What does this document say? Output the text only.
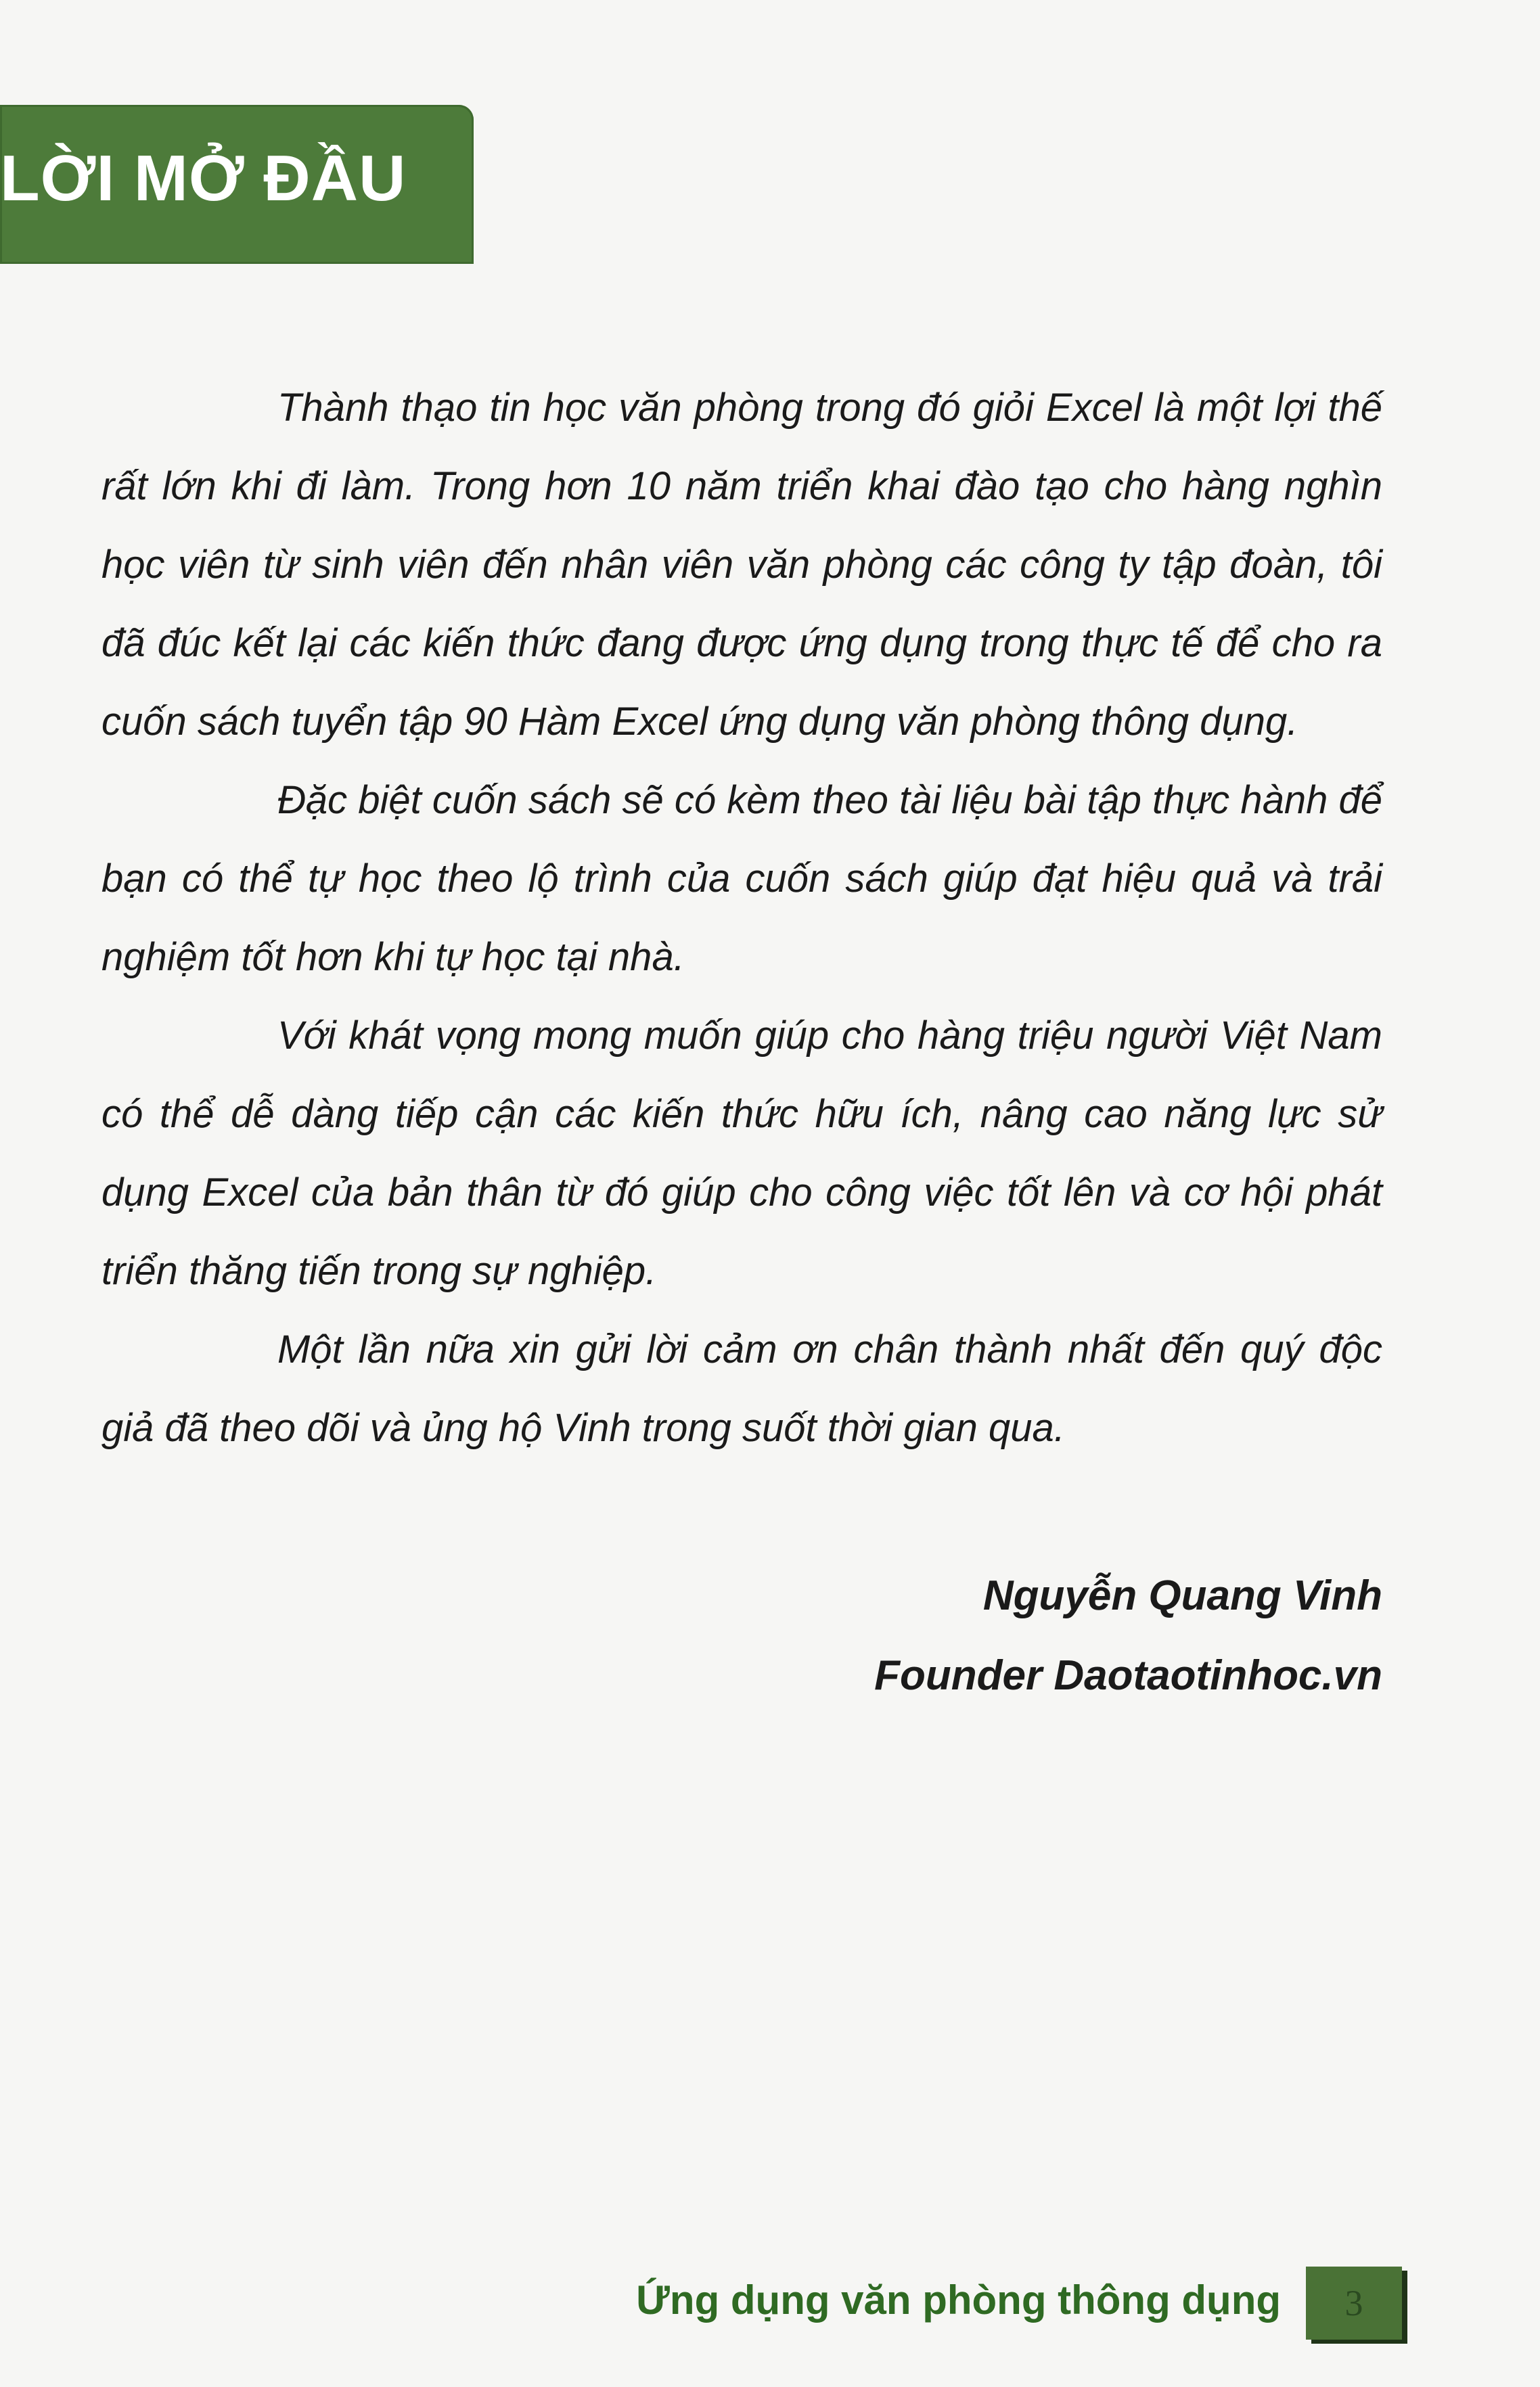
LỜI MỞ ĐẦU

Thành thạo tin học văn phòng trong đó giỏi Excel là một lợi thế rất lớn khi đi làm. Trong hơn 10 năm triển khai đào tạo cho hàng nghìn học viên từ sinh viên đến nhân viên văn phòng các công ty tập đoàn, tôi đã đúc kết lại các kiến thức đang được ứng dụng trong thực tế để cho ra cuốn sách tuyển tập 90 Hàm Excel ứng dụng văn phòng thông dụng.

Đặc biệt cuốn sách sẽ có kèm theo tài liệu bài tập thực hành để bạn có thể tự học theo lộ trình của cuốn sách giúp đạt hiệu quả và trải nghiệm tốt hơn khi tự học tại nhà.

Với khát vọng mong muốn giúp cho hàng triệu người Việt Nam có thể dễ dàng tiếp cận các kiến thức hữu ích, nâng cao năng lực sử dụng Excel của bản thân từ đó giúp cho công việc tốt lên và cơ hội phát triển thăng tiến trong sự nghiệp.

Một lần nữa xin gửi lời cảm ơn chân thành nhất đến quý độc giả đã theo dõi và ủng hộ Vinh trong suốt thời gian qua.

Nguyễn Quang Vinh
Founder Daotaotinhoc.vn
Ứng dụng văn phòng thông dụng	3
